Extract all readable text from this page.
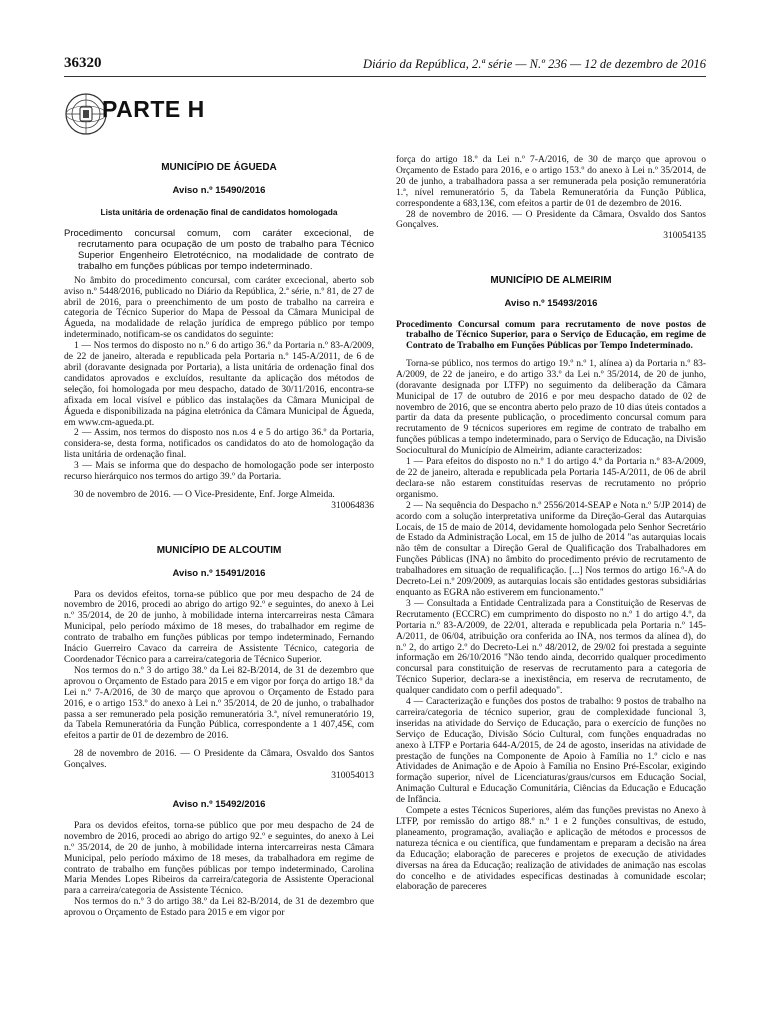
36320	Diário da República, 2.ª série — N.º 236 — 12 de dezembro de 2016
PARTE H
MUNICÍPIO DE ÁGUEDA
Aviso n.º 15490/2016
Lista unitária de ordenação final de candidatos homologada

Procedimento concursal comum, com caráter excecional, de recrutamento para ocupação de um posto de trabalho para Técnico Superior Engenheiro Eletrotécnico, na modalidade de contrato de trabalho em funções públicas por tempo indeterminado.

No âmbito do procedimento concursal, com caráter excecional, aberto sob aviso n.º 5448/2016, publicado no Diário da República, 2.ª série, n.º 81, de 27 de abril de 2016, para o preenchimento de um posto de trabalho na carreira e categoria de Técnico Superior do Mapa de Pessoal da Câmara Municipal de Águeda, na modalidade de relação jurídica de emprego público por tempo indeterminado, notificam-se os candidatos do seguinte:

1 — Nos termos do disposto no n.º 6 do artigo 36.º da Portaria n.º 83-A/2009, de 22 de janeiro, alterada e republicada pela Portaria n.º 145-A/2011, de 6 de abril (doravante designada por Portaria), a lista unitária de ordenação final dos candidatos aprovados e excluídos, resultante da aplicação dos métodos de seleção, foi homologada por meu despacho, datado de 30/11/2016, encontra-se afixada em local visível e público das instalações da Câmara Municipal de Águeda e disponibilizada na página eletrónica da Câmara Municipal de Águeda, em www.cm-agueda.pt.

2 — Assim, nos termos do disposto nos n.os 4 e 5 do artigo 36.º da Portaria, considera-se, desta forma, notificados os candidatos do ato de homologação da lista unitária de ordenação final.

3 — Mais se informa que do despacho de homologação pode ser interposto recurso hierárquico nos termos do artigo 39.º da Portaria.

30 de novembro de 2016. — O Vice-Presidente, Enf. Jorge Almeida.

310064836

MUNICÍPIO DE ALCOUTIM
Aviso n.º 15491/2016

Para os devidos efeitos, torna-se público que por meu despacho de 24 de novembro de 2016, procedi ao abrigo do artigo 92.º e seguintes, do anexo à Lei n.º 35/2014, de 20 de junho, à mobilidade interna intercarreiras nesta Câmara Municipal, pelo período máximo de 18 meses, do trabalhador em regime de contrato de trabalho em funções públicas por tempo indeterminado, Fernando Inácio Guerreiro Cavaco da carreira de Assistente Técnico, categoria de Coordenador Técnico para a carreira/categoria de Técnico Superior.

Nos termos do n.º 3 do artigo 38.º da Lei 82-B/2014, de 31 de dezembro que aprovou o Orçamento de Estado para 2015 e em vigor por força do artigo 18.º da Lei n.º 7-A/2016, de 30 de março que aprovou o Orçamento de Estado para 2016, e o artigo 153.º do anexo à Lei n.º 35/2014, de 20 de junho, o trabalhador passa a ser remunerado pela posição remuneratória 3.ª, nível remuneratório 19, da Tabela Remuneratória da Função Pública, correspondente a 1 407,45€, com efeitos a partir de 01 de dezembro de 2016.

28 de novembro de 2016. — O Presidente da Câmara, Osvaldo dos Santos Gonçalves.

310054013

Aviso n.º 15492/2016

Para os devidos efeitos, torna-se público que por meu despacho de 24 de novembro de 2016, procedi ao abrigo do artigo 92.º e seguintes, do anexo à Lei n.º 35/2014, de 20 de junho, à mobilidade interna intercarreiras nesta Câmara Municipal, pelo período máximo de 18 meses, da trabalhadora em regime de contrato de trabalho em funções públicas por tempo indeterminado, Carolina Maria Mendes Lopes Ribeiros da carreira/categoria de Assistente Operacional para a carreira/categoria de Assistente Técnico.

Nos termos do n.º 3 do artigo 38.º da Lei 82-B/2014, de 31 de dezembro que aprovou o Orçamento de Estado para 2015 e em vigor por

força do artigo 18.º da Lei n.º 7-A/2016, de 30 de março que aprovou o Orçamento de Estado para 2016, e o artigo 153.º do anexo à Lei n.º 35/2014, de 20 de junho, a trabalhadora passa a ser remunerada pela posição remuneratória 1.ª, nível remuneratório 5, da Tabela Remuneratória da Função Pública, correspondente a 683,13€, com efeitos a partir de 01 de dezembro de 2016.

28 de novembro de 2016. — O Presidente da Câmara, Osvaldo dos Santos Gonçalves.

310054135

MUNICÍPIO DE ALMEIRIM
Aviso n.º 15493/2016

Procedimento Concursal comum para recrutamento de nove postos de trabalho de Técnico Superior, para o Serviço de Educação, em regime de Contrato de Trabalho em Funções Públicas por Tempo Indeterminado.

Torna-se público, nos termos do artigo 19.º n.º 1, alínea a) da Portaria n.º 83-A/2009, de 22 de janeiro, e do artigo 33.º da Lei n.º 35/2014, de 20 de junho, (doravante designada por LTFP) no seguimento da deliberação da Câmara Municipal de 17 de outubro de 2016 e por meu despacho datado de 02 de novembro de 2016, que se encontra aberto pelo prazo de 10 dias úteis contados a partir da data da presente publicação, o procedimento concursal comum para recrutamento de 9 técnicos superiores em regime de contrato de trabalho em funções públicas a tempo indeterminado, para o Serviço de Educação, na Divisão Sociocultural do Município de Almeirim, adiante caracterizados:

1 — Para efeitos do disposto no n.º 1 do artigo 4.º da Portaria n.º 83-A/2009, de 22 de janeiro, alterada e republicada pela Portaria 145-A/2011, de 06 de abril declara-se não estarem constituídas reservas de recrutamento no próprio organismo.

2 — Na sequência do Despacho n.º 2556/2014-SEAP e Nota n.º 5/JP 2014) de acordo com a solução interpretativa uniforme da Direção-Geral das Autarquias Locais, de 15 de maio de 2014, devidamente homologada pelo Senhor Secretário de Estado da Administração Local, em 15 de julho de 2014 "as autarquias locais não têm de consultar a Direção Geral de Qualificação dos Trabalhadores em Funções Públicas (INA) no âmbito do procedimento prévio de recrutamento de trabalhadores em situação de requalificação. [...] Nos termos do artigo 16.º-A do Decreto-Lei n.º 209/2009, as autarquias locais são entidades gestoras subsidiárias enquanto as EGRA não estiverem em funcionamento."

3 — Consultada a Entidade Centralizada para a Constituição de Reservas de Recrutamento (ECCRC) em cumprimento do disposto no n.º 1 do artigo 4.º, da Portaria n.º 83-A/2009, de 22/01, alterada e republicada pela Portaria n.º 145-A/2011, de 06/04, atribuição ora conferida ao INA, nos termos da alínea d), do n.º 2, do artigo 2.º do Decreto-Lei n.º 48/2012, de 29/02 foi prestada a seguinte informação em 26/10/2016 "Não tendo ainda, decorrido qualquer procedimento concursal para constituição de reservas de recrutamento para a categoria de Técnico Superior, declara-se a inexistência, em reserva de recrutamento, de qualquer candidato com o perfil adequado".

4 — Caracterização e funções dos postos de trabalho: 9 postos de trabalho na carreira/categoria de técnico superior, grau de complexidade funcional 3, inseridas na atividade do Serviço de Educação, para o exercício de funções no Serviço de Educação, Divisão Sócio Cultural, com funções enquadradas no anexo à LTFP e Portaria 644-A/2015, de 24 de agosto, inseridas na atividade de prestação de funções na Componente de Apoio à Família no 1.º ciclo e nas Atividades de Animação e de Apoio à Família no Ensino Pré-Escolar, exigindo formação superior, nível de Licenciaturas/graus/cursos em Educação Social, Animação Cultural e Educação Comunitária, Ciências da Educação e Educação de Infância.

Compete a estes Técnicos Superiores, além das funções previstas no Anexo à LTFP, por remissão do artigo 88.º n.º 1 e 2 funções consultivas, de estudo, planeamento, programação, avaliação e aplicação de métodos e processos de natureza técnica e ou científica, que fundamentam e preparam a decisão na área da Educação; elaboração de pareceres e projetos de execução de atividades diversas na área da Educação; realização de atividades de animação nas escolas do concelho e de atividades específicas destinadas à comunidade escolar; elaboração de pareceres
